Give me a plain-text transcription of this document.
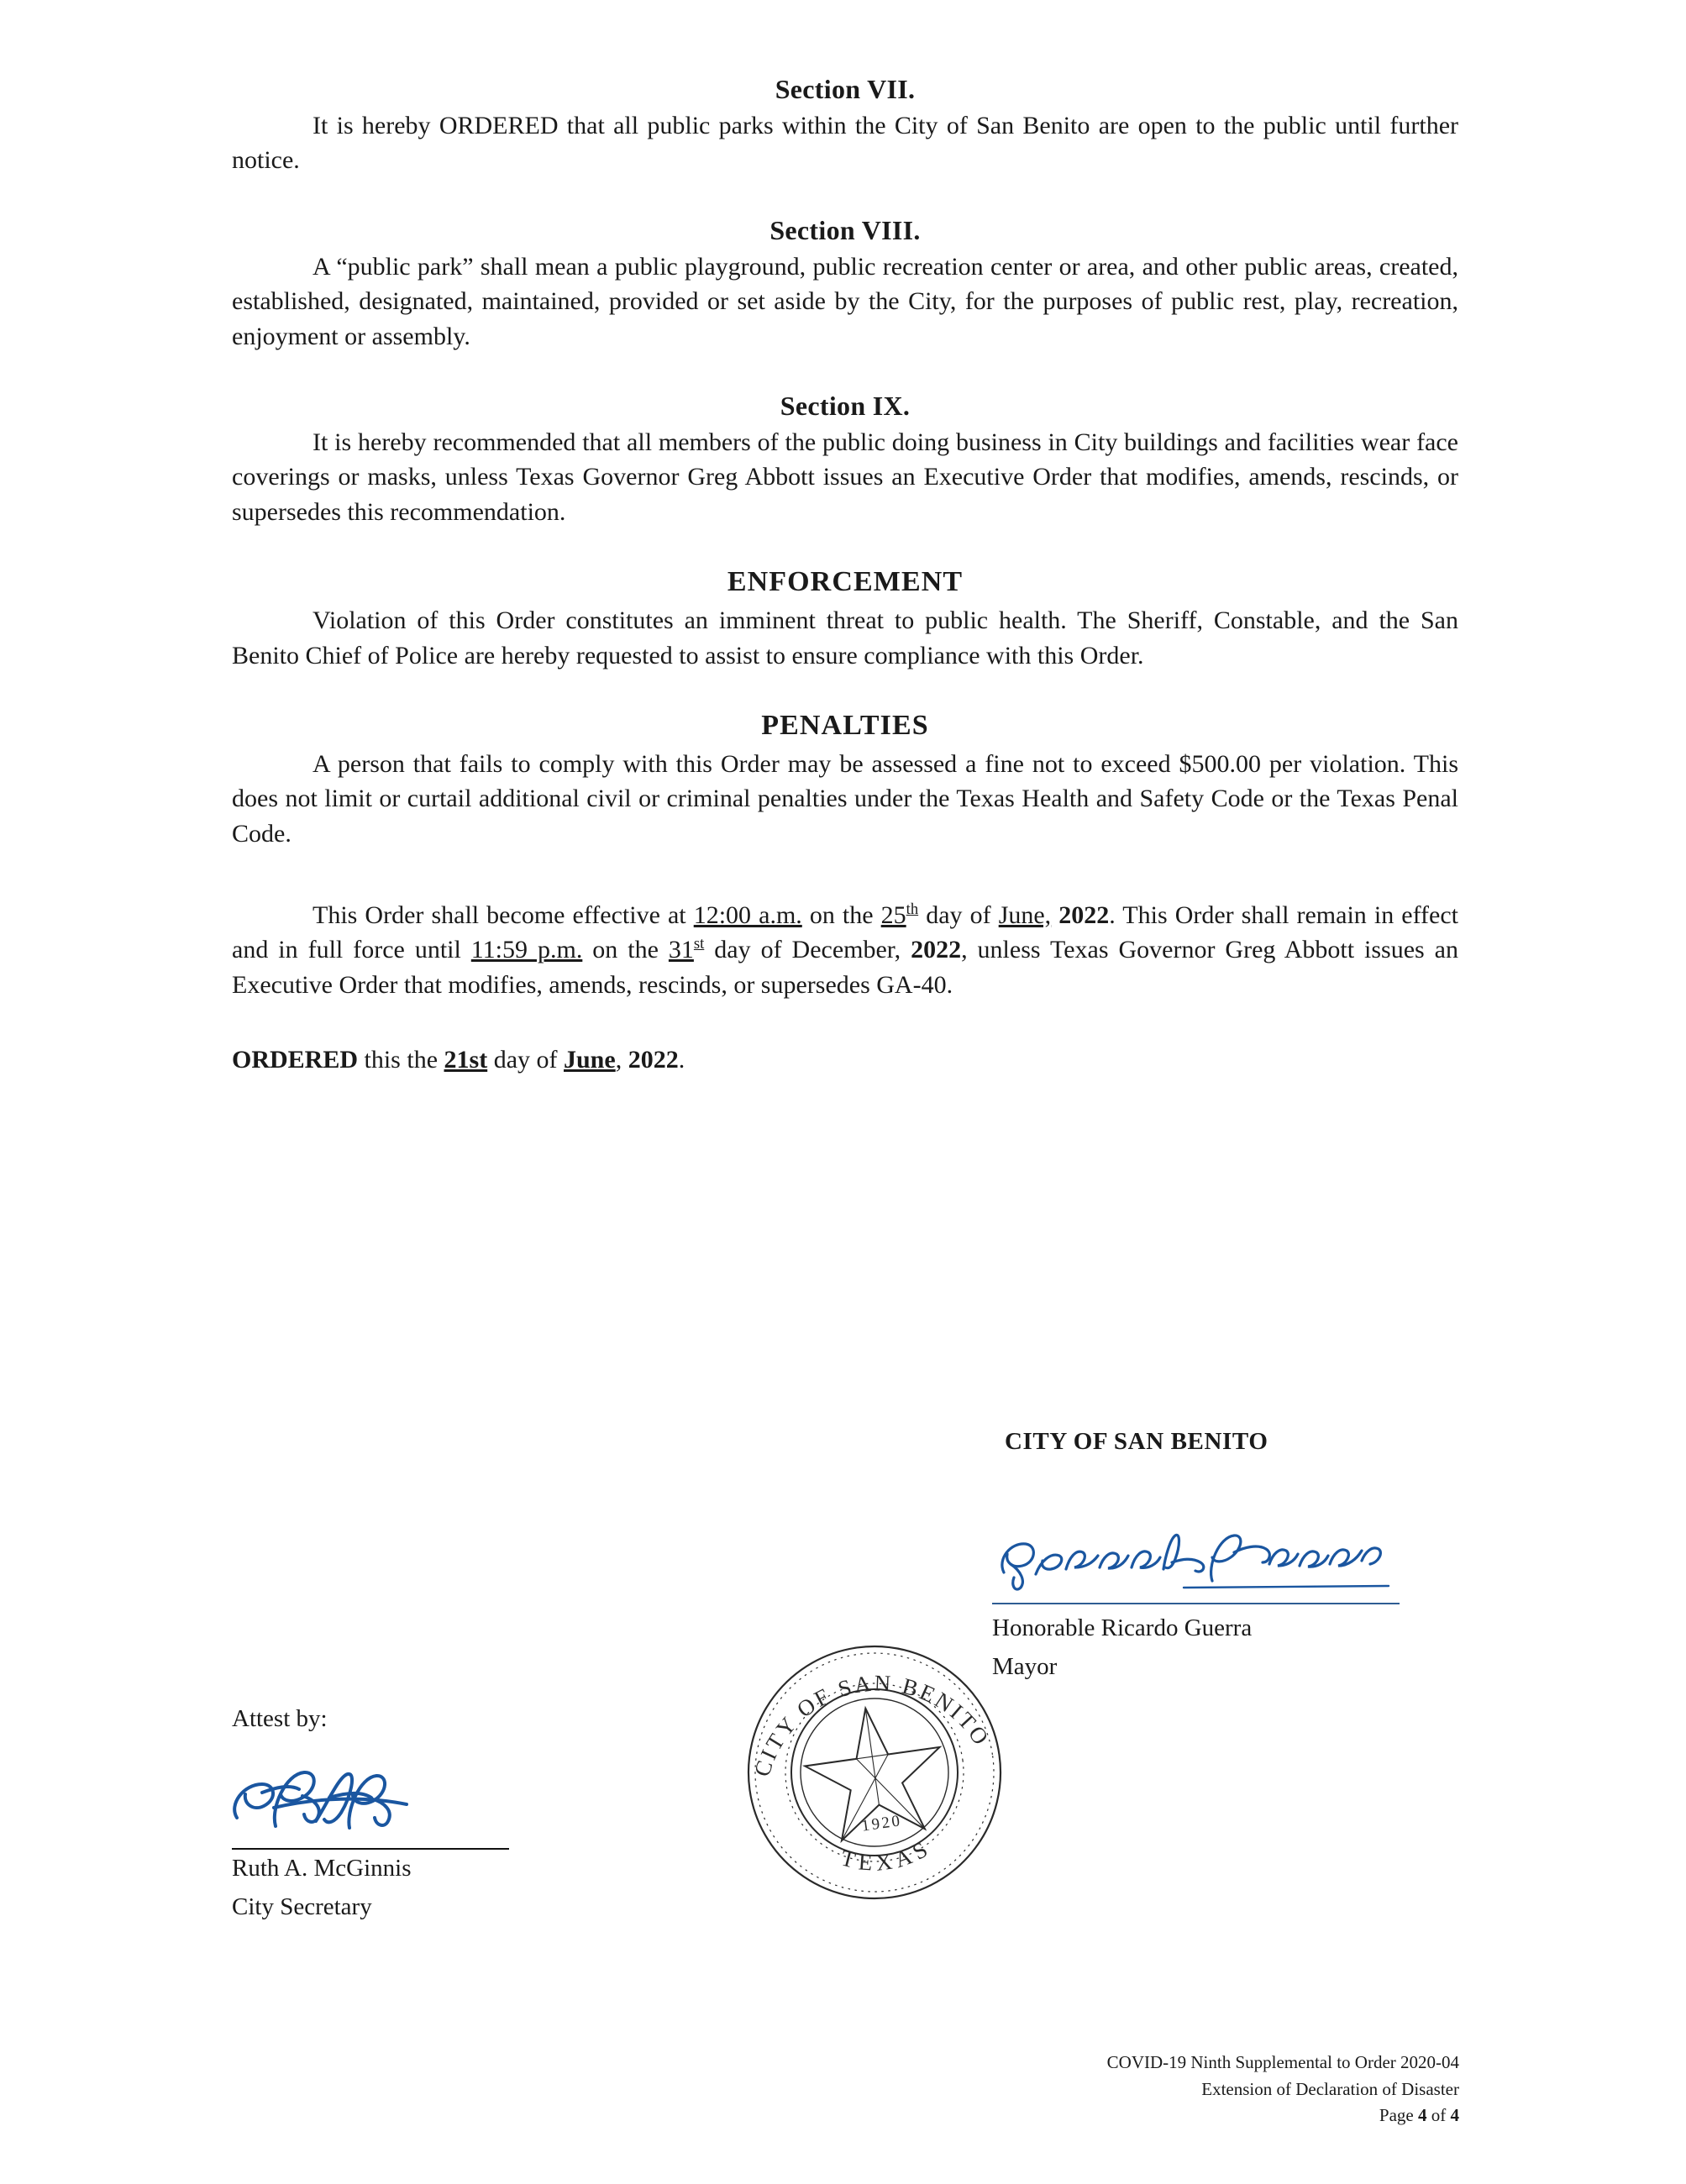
Section VII.

It is hereby ORDERED that all public parks within the City of San Benito are open to the public until further notice.

Section VIII.

A “public park” shall mean a public playground, public recreation center or area, and other public areas, created, established, designated, maintained, provided or set aside by the City, for the purposes of public rest, play, recreation, enjoyment or assembly.

Section IX.

It is hereby recommended that all members of the public doing business in City buildings and facilities wear face coverings or masks, unless Texas Governor Greg Abbott issues an Executive Order that modifies, amends, rescinds, or supersedes this recommendation.

ENFORCEMENT

Violation of this Order constitutes an imminent threat to public health. The Sheriff, Constable, and the San Benito Chief of Police are hereby requested to assist to ensure compliance with this Order.

PENALTIES

A person that fails to comply with this Order may be assessed a fine not to exceed $500.00 per violation. This does not limit or curtail additional civil or criminal penalties under the Texas Health and Safety Code or the Texas Penal Code.

This Order shall become effective at 12:00 a.m. on the 25th day of June, 2022. This Order shall remain in effect and in full force until 11:59 p.m. on the 31st day of December, 2022, unless Texas Governor Greg Abbott issues an Executive Order that modifies, amends, rescinds, or supersedes GA-40.

ORDERED this the 21st day of June, 2022.

CITY OF SAN BENITO
Honorable Ricardo Guerra
Mayor
Attest by:
Ruth A. McGinnis
City Secretary
CITY OF SAN BENITO
TEXAS
1920
COVID-19 Ninth Supplemental to Order 2020-04
Extension of Declaration of Disaster
Page 4 of 4
